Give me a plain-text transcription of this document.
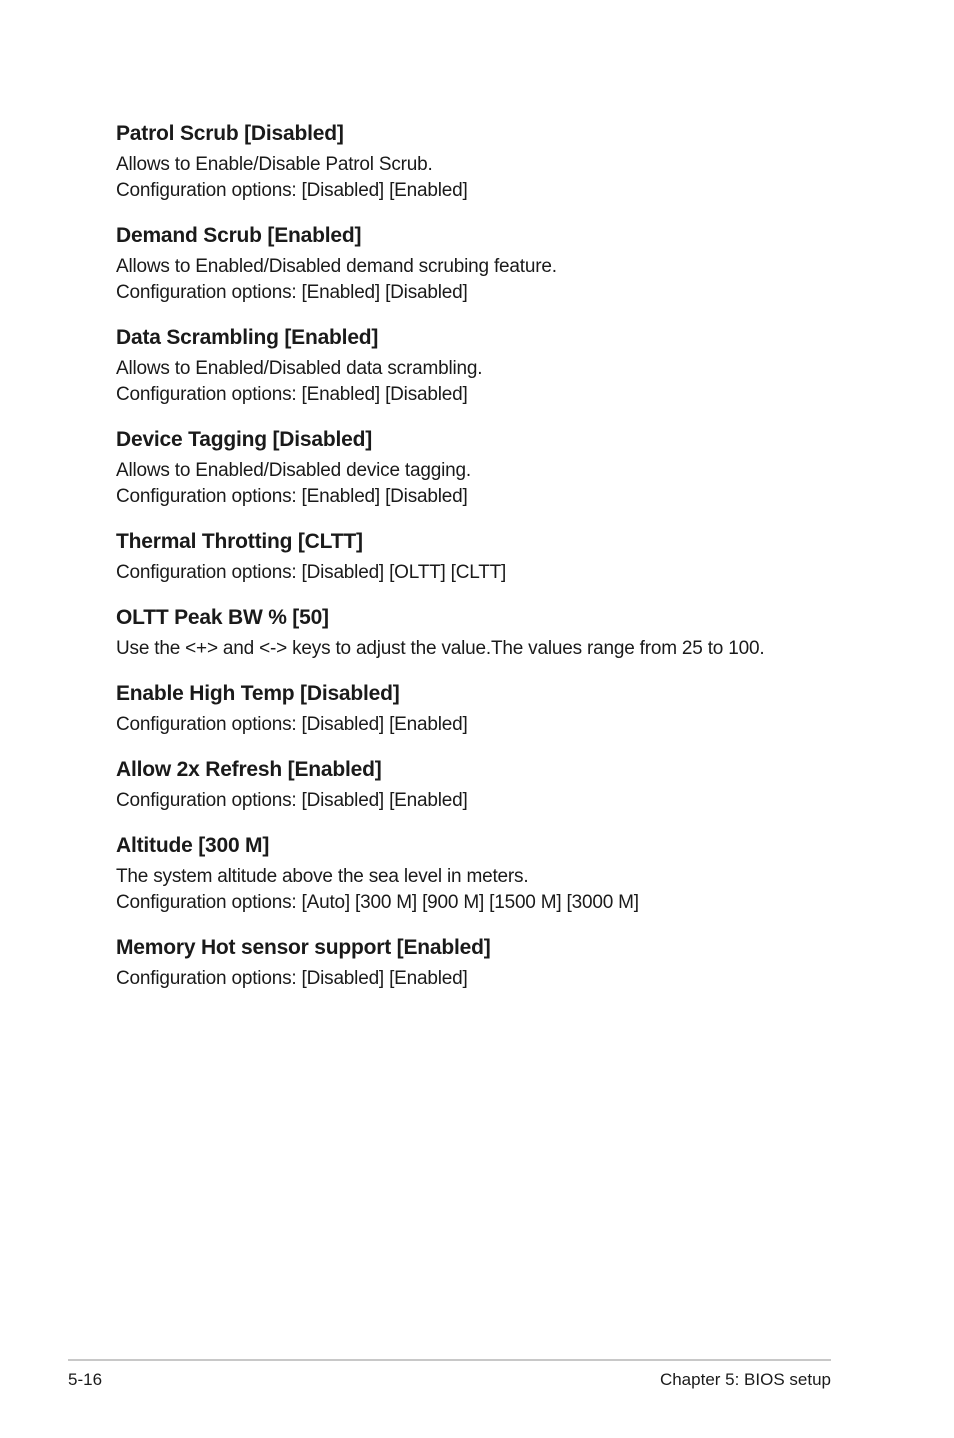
Patrol Scrub [Disabled]
Allows to Enable/Disable Patrol Scrub.
Configuration options: [Disabled] [Enabled]
Demand Scrub [Enabled]
Allows to Enabled/Disabled demand scrubing feature.
Configuration options: [Enabled] [Disabled]
Data Scrambling [Enabled]
Allows to Enabled/Disabled data scrambling.
Configuration options: [Enabled] [Disabled]
Device Tagging [Disabled]
Allows to Enabled/Disabled device tagging.
Configuration options: [Enabled] [Disabled]
Thermal Throtting [CLTT]
Configuration options: [Disabled] [OLTT] [CLTT]
OLTT Peak BW % [50]
Use the <+> and <-> keys to adjust the value.The values range from 25 to 100.
Enable High Temp [Disabled]
Configuration options: [Disabled] [Enabled]
Allow 2x Refresh [Enabled]
Configuration options: [Disabled] [Enabled]
Altitude [300 M]
The system altitude above the sea level in meters.
Configuration options: [Auto] [300 M] [900 M] [1500 M] [3000 M]
Memory Hot sensor support [Enabled]
Configuration options: [Disabled] [Enabled]
5-16	Chapter 5: BIOS setup
